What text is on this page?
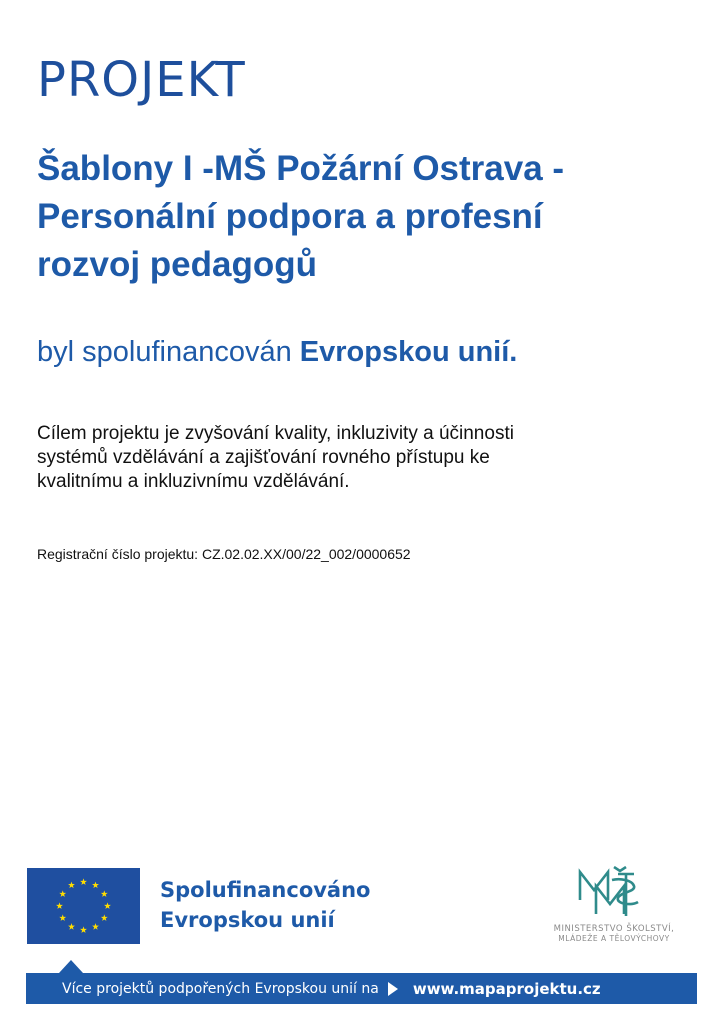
PROJEKT
Šablony I -MŠ Požární Ostrava -
Personální podpora a profesní
rozvoj pedagogů

byl spolufinancován Evropskou unií.

Cílem projektu je zvyšování kvality, inkluzivity a účinnosti
systémů vzdělávání a zajišťování rovného přístupu ke
kvalitnímu a inkluzivnímu vzdělávání.

Registrační číslo projektu: CZ.02.02.XX/00/22_002/0000652

Spolufinancováno
Evropskou unií	MINISTERSTVO ŠKOLSTVÍ,
MLÁDEŽE A TĚLOVÝCHOVY
Více projektů podpořených Evropskou unií na www.mapaprojektu.cz
